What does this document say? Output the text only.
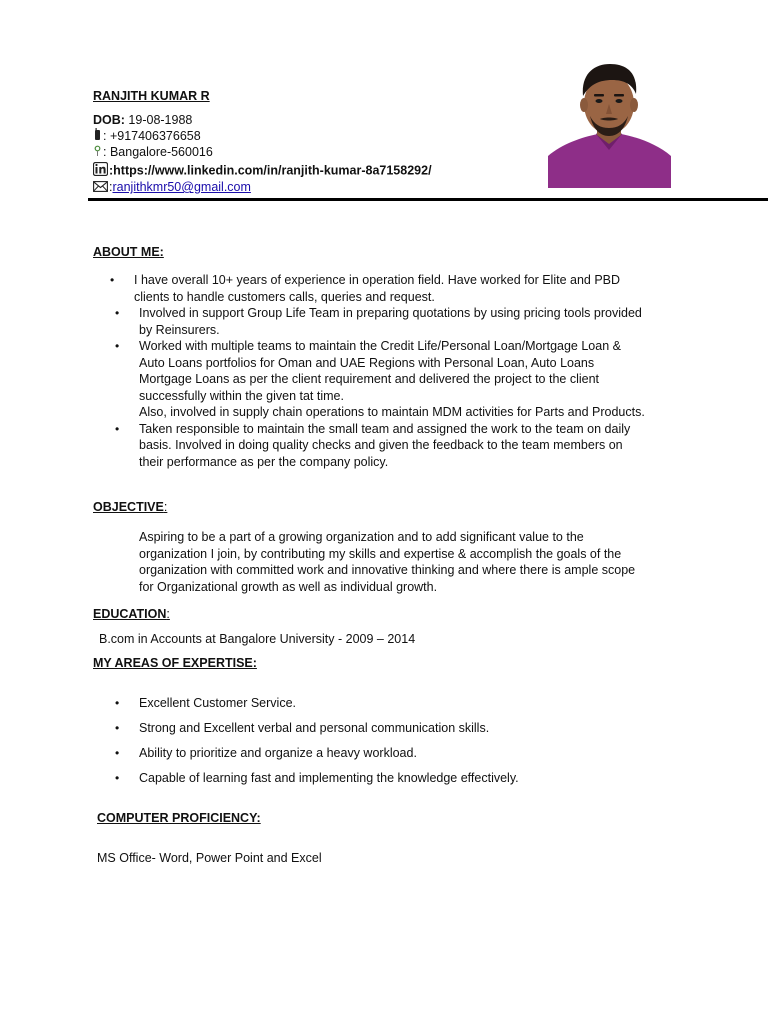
RANJITH KUMAR R
DOB: 19-08-1988
: +917406376658
: Bangalore-560016
:https://www.linkedin.com/in/ranjith-kumar-8a7158292/
:ranjithkmr50@gmail.com
ABOUT ME:
• I have overall 10+ years of experience in operation field. Have worked for Elite and PBD clients to handle customers calls, queries and request.
• Involved in support Group Life Team in preparing quotations by using pricing tools provided by Reinsurers.
• Worked with multiple teams to maintain the Credit Life/Personal Loan/Mortgage Loan & Auto Loans portfolios for Oman and UAE Regions with Personal Loan, Auto Loans Mortgage Loans as per the client requirement and delivered the project to the client successfully within the given tat time.
Also, involved in supply chain operations to maintain MDM activities for Parts and Products.
• Taken responsible to maintain the small team and assigned the work to the team on daily basis. Involved in doing quality checks and given the feedback to the team members on their performance as per the company policy.
OBJECTIVE:
Aspiring to be a part of a growing organization and to add significant value to the organization I join, by contributing my skills and expertise & accomplish the goals of the organization with committed work and innovative thinking and where there is ample scope for Organizational growth as well as individual growth.
EDUCATION:
B.com in Accounts at Bangalore University - 2009 – 2014
MY AREAS OF EXPERTISE:
• Excellent Customer Service.
• Strong and Excellent verbal and personal communication skills.
• Ability to prioritize and organize a heavy workload.
• Capable of learning fast and implementing the knowledge effectively.
COMPUTER PROFICIENCY:
MS Office- Word, Power Point and Excel
